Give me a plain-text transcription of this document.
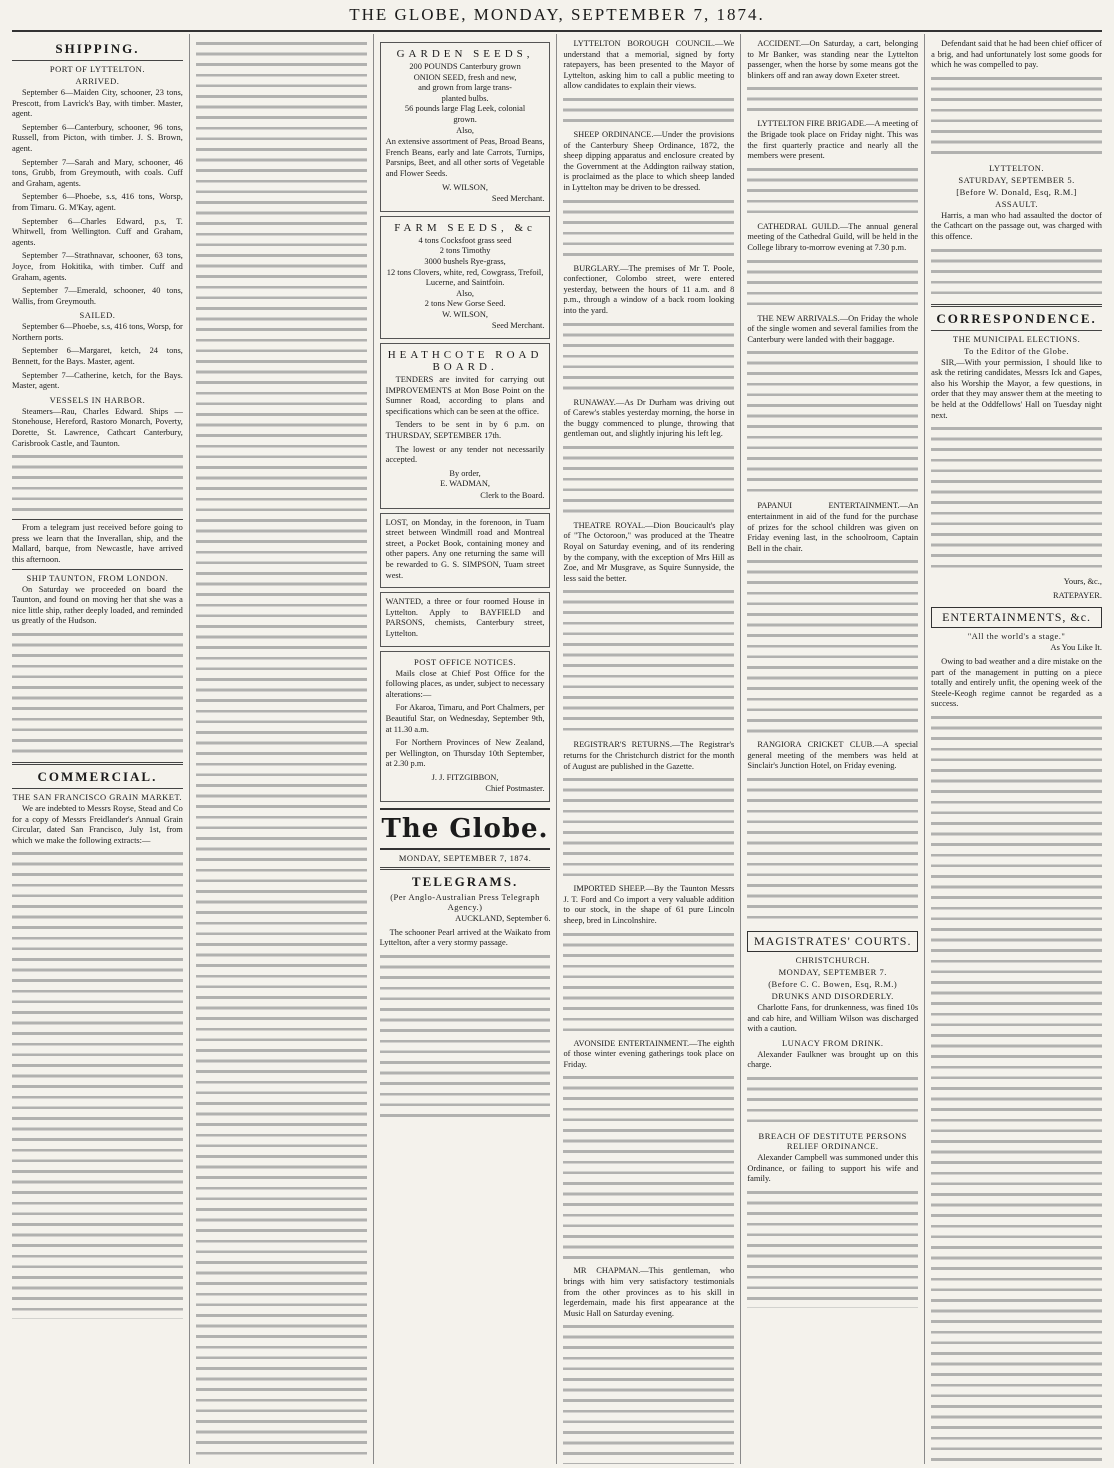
THE GLOBE, MONDAY, SEPTEMBER 7, 1874.
SHIPPING.
PORT OF LYTTELTON.
ARRIVED.
September 6—Maiden City, schooner, 23 tons, Prescott, from Lavrick's Bay, with timber. Master, agent.
September 6—Canterbury, schooner, 96 tons, Russell, from Picton, with timber. J. S. Brown, agent.
September 7—Sarah and Mary, schooner, 46 tons, Grubb, from Greymouth, with coals. Cuff and Graham, agents.
September 6—Phoebe, s.s, 416 tons, Worsp, from Timaru. G. M'Kay, agent.
September 6—Charles Edward, p.s, T. Whitwell, from Wellington. Cuff and Graham, agents.
September 7—Strathnavar, schooner, 63 tons, Joyce, from Hokitika, with timber. Cuff and Graham, agents.
September 7—Emerald, schooner, 40 tons, Wallis, from Greymouth.
SAILED.
September 6—Phoebe, s.s, 416 tons, Worsp, for Northern ports.
September 6—Margaret, ketch, 24 tons, Bennett, for the Bays. Master, agent.
September 7—Catherine, ketch, for the Bays. Master, agent.
VESSELS IN HARBOR.
Steamers—Rau, Charles Edward. Ships — Stonehouse, Hereford, Rastoro Monarch, Poverty, Dorette, St. Lawrence, Cathcart Canterbury, Carisbrook Castle, and Taunton.
From a telegram just received before going to press we learn that the Inverallan, ship, and the Mallard, barque, from Newcastle, have arrived this afternoon.
SHIP TAUNTON, FROM LONDON.
On Saturday we proceeded on board the Taunton, and found on moving her that she was a nice little ship, rather deeply loaded, and reminded us greatly of the Hudson.
COMMERCIAL.
THE SAN FRANCISCO GRAIN MARKET.
We are indebted to Messrs Royse, Stead and Co for a copy of Messrs Freidlander's Annual Grain Circular, dated San Francisco, July 1st, from which we make the following extracts:—
GARDEN SEEDS,
200 POUNDS Canterbury grown
ONION SEED, fresh and new,
and grown from large trans-
planted bulbs.
56 pounds large Flag Leek, colonial
grown.
Also,
An extensive assortment of Peas, Broad Beans, French Beans, early and late Carrots, Turnips, Parsnips, Beet, and all other sorts of Vegetable and Flower Seeds.
W. WILSON,
Seed Merchant.
FARM SEEDS, &c
4 tons Cocksfoot grass seed
2 tons Timothy
3000 bushels Rye-grass,
12 tons Clovers, white, red, Cowgrass, Trefoil, Lucerne, and Saintfoin.
Also,
2 tons New Gorse Seed.
W. WILSON,
Seed Merchant.
HEATHCOTE ROAD BOARD.
TENDERS are invited for carrying out IMPROVEMENTS at Mon Bose Point on the Sumner Road, according to plans and specifications which can be seen at the office.
Tenders to be sent in by 6 p.m. on THURSDAY, SEPTEMBER 17th.
The lowest or any tender not necessarily accepted.
By order,
E. WADMAN,
Clerk to the Board.
LOST, on Monday, in the forenoon, in Tuam street between Windmill road and Montreal street, a Pocket Book, containing money and other papers. Any one returning the same will be rewarded to G. S. SIMPSON, Tuam street west.
WANTED, a three or four roomed House in Lyttelton. Apply to BAYFIELD and PARSONS, chemists, Canterbury street, Lyttelton.
POST OFFICE NOTICES.
Mails close at Chief Post Office for the following places, as under, subject to necessary alterations:—
For Akaroa, Timaru, and Port Chalmers, per Beautiful Star, on Wednesday, September 9th, at 11.30 a.m.
For Northern Provinces of New Zealand, per Wellington, on Thursday 10th September, at 2.30 p.m.
J. J. FITZGIBBON,
Chief Postmaster.
The Globe.
MONDAY, SEPTEMBER 7, 1874.
TELEGRAMS.
(Per Anglo-Australian Press Telegraph Agency.)
AUCKLAND, September 6.
The schooner Pearl arrived at the Waikato from Lyttelton, after a very stormy passage.
LYTTELTON BOROUGH COUNCIL.—We understand that a memorial, signed by forty ratepayers, has been presented to the Mayor of Lyttelton, asking him to call a public meeting to allow candidates to explain their views.
SHEEP ORDINANCE.—Under the provisions of the Canterbury Sheep Ordinance, 1872, the sheep dipping apparatus and enclosure created by the Government at the Addington railway station, is proclaimed as the place to which sheep landed in Lyttelton may be driven to be dressed.
BURGLARY.—The premises of Mr T. Poole, confectioner, Colombo street, were entered yesterday, between the hours of 11 a.m. and 8 p.m., through a window of a back room looking into the yard.
RUNAWAY.—As Dr Durham was driving out of Carew's stables yesterday morning, the horse in the buggy commenced to plunge, throwing that gentleman out, and slightly injuring his left leg.
THEATRE ROYAL.—Dion Boucicault's play of "The Octoroon," was produced at the Theatre Royal on Saturday evening, and of its rendering by the company, with the exception of Mrs Hill as Zoe, and Mr Musgrave, as Squire Sunnyside, the less said the better.
REGISTRAR'S RETURNS.—The Registrar's returns for the Christchurch district for the month of August are published in the Gazette.
IMPORTED SHEEP.—By the Taunton Messrs J. T. Ford and Co import a very valuable addition to our stock, in the shape of 61 pure Lincoln sheep, bred in Lincolnshire.
AVONSIDE ENTERTAINMENT.—The eighth of those winter evening gatherings took place on Friday.
MR CHAPMAN.—This gentleman, who brings with him very satisfactory testimonials from the other provinces as to his skill in legerdemain, made his first appearance at the Music Hall on Saturday evening.
ACCIDENT.—On Saturday, a cart, belonging to Mr Banker, was standing near the Lyttelton passenger, when the horse by some means got the blinkers off and ran away down Exeter street.
LYTTELTON FIRE BRIGADE.—A meeting of the Brigade took place on Friday night. This was the first quarterly practice and nearly all the members were present.
CATHEDRAL GUILD.—The annual general meeting of the Cathedral Guild, will be held in the College library to-morrow evening at 7.30 p.m.
THE NEW ARRIVALS.—On Friday the whole of the single women and several families from the Canterbury were landed with their baggage.
PAPANUI ENTERTAINMENT.—An entertainment in aid of the fund for the purchase of prizes for the school children was given on Friday evening last, in the schoolroom, Captain Bell in the chair.
RANGIORA CRICKET CLUB.—A special general meeting of the members was held at Sinclair's Junction Hotel, on Friday evening.
MAGISTRATES' COURTS.
CHRISTCHURCH.
MONDAY, SEPTEMBER 7.
(Before C. C. Bowen, Esq, R.M.)
DRUNKS AND DISORDERLY.
Charlotte Fans, for drunkenness, was fined 10s and cab hire, and William Wilson was discharged with a caution.
LUNACY FROM DRINK.
Alexander Faulkner was brought up on this charge.
BREACH OF DESTITUTE PERSONS RELIEF ORDINANCE.
Alexander Campbell was summoned under this Ordinance, or failing to support his wife and family.
Defendant said that he had been chief officer of a brig, and had unfortunately lost some goods for which he was compelled to pay.
LYTTELTON.
SATURDAY, SEPTEMBER 5.
[Before W. Donald, Esq, R.M.]
ASSAULT.
Harris, a man who had assaulted the doctor of the Cathcart on the passage out, was charged with this offence.
CORRESPONDENCE.
THE MUNICIPAL ELECTIONS.
To the Editor of the Globe.
SIR,—With your permission, I should like to ask the retiring candidates, Messrs Ick and Gapes, also his Worship the Mayor, a few questions, in order that they may answer them at the meeting to be held at the Oddfellows' Hall on Tuesday night next.
Yours, &c.,
RATEPAYER.
ENTERTAINMENTS, &c.
"All the world's a stage."
As You Like It.
Owing to bad weather and a dire mistake on the part of the management in putting on a piece totally and entirely unfit, the opening week of the Steele-Keogh regime cannot be regarded as a success.
